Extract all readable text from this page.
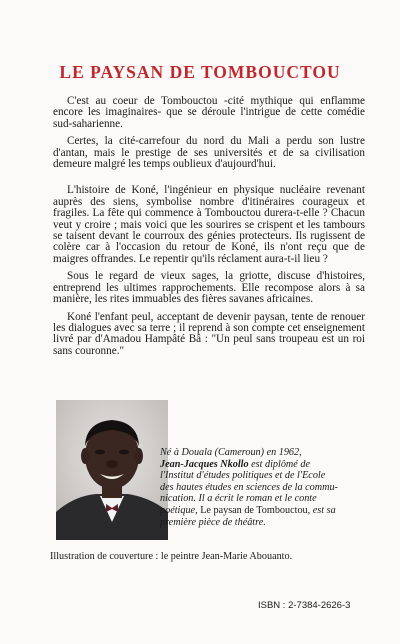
LE PAYSAN DE TOMBOUCTOU

C'est au coeur de Tombouctou -cité mythique qui enflamme encore les imaginaires- que se déroule l'intrigue de cette comédie sud-saharienne.

Certes, la cité-carrefour du nord du Mali a perdu son lustre d'antan, mais le prestige de ses universités et de sa civilisation demeure malgré les temps oublieux d'aujourd'hui.

L'histoire de Koné, l'ingénieur en physique nucléaire revenant auprès des siens, symbolise nombre d'itinéraires courageux et fragiles. La fête qui commence à Tombouctou durera-t-elle ? Chacun veut y croire ; mais voici que les sourires se crispent et les tambours se taisent devant le courroux des génies protecteurs. Ils rugissent de colère car à l'occasion du retour de Koné, ils n'ont reçu que de maigres offrandes. Le repentir qu'ils réclament aura-t-il lieu ?

Sous le regard de vieux sages, la griotte, discuse d'histoires, entreprend les ultimes rapprochements. Elle recompose alors à sa manière, les rites immuables des fières savanes africaines.

Koné l'enfant peul, acceptant de devenir paysan, tente de renouer les dialogues avec sa terre ; il reprend à son compte cet enseignement livré par d'Amadou Hampâté Bâ : "Un peul sans troupeau est un roi sans couronne."

Né à Douala (Cameroun) en 1962,
Jean-Jacques Nkollo est diplômé de
l'Institut d'études politiques et de l'Ecole
des hautes études en sciences de la commu-
nication. Il a écrit le roman et le conte
poétique, Le paysan de Tombouctou, est sa
première pièce de théâtre.
Illustration de couverture : le peintre Jean-Marie Abouanto.
ISBN : 2-7384-2626-3
